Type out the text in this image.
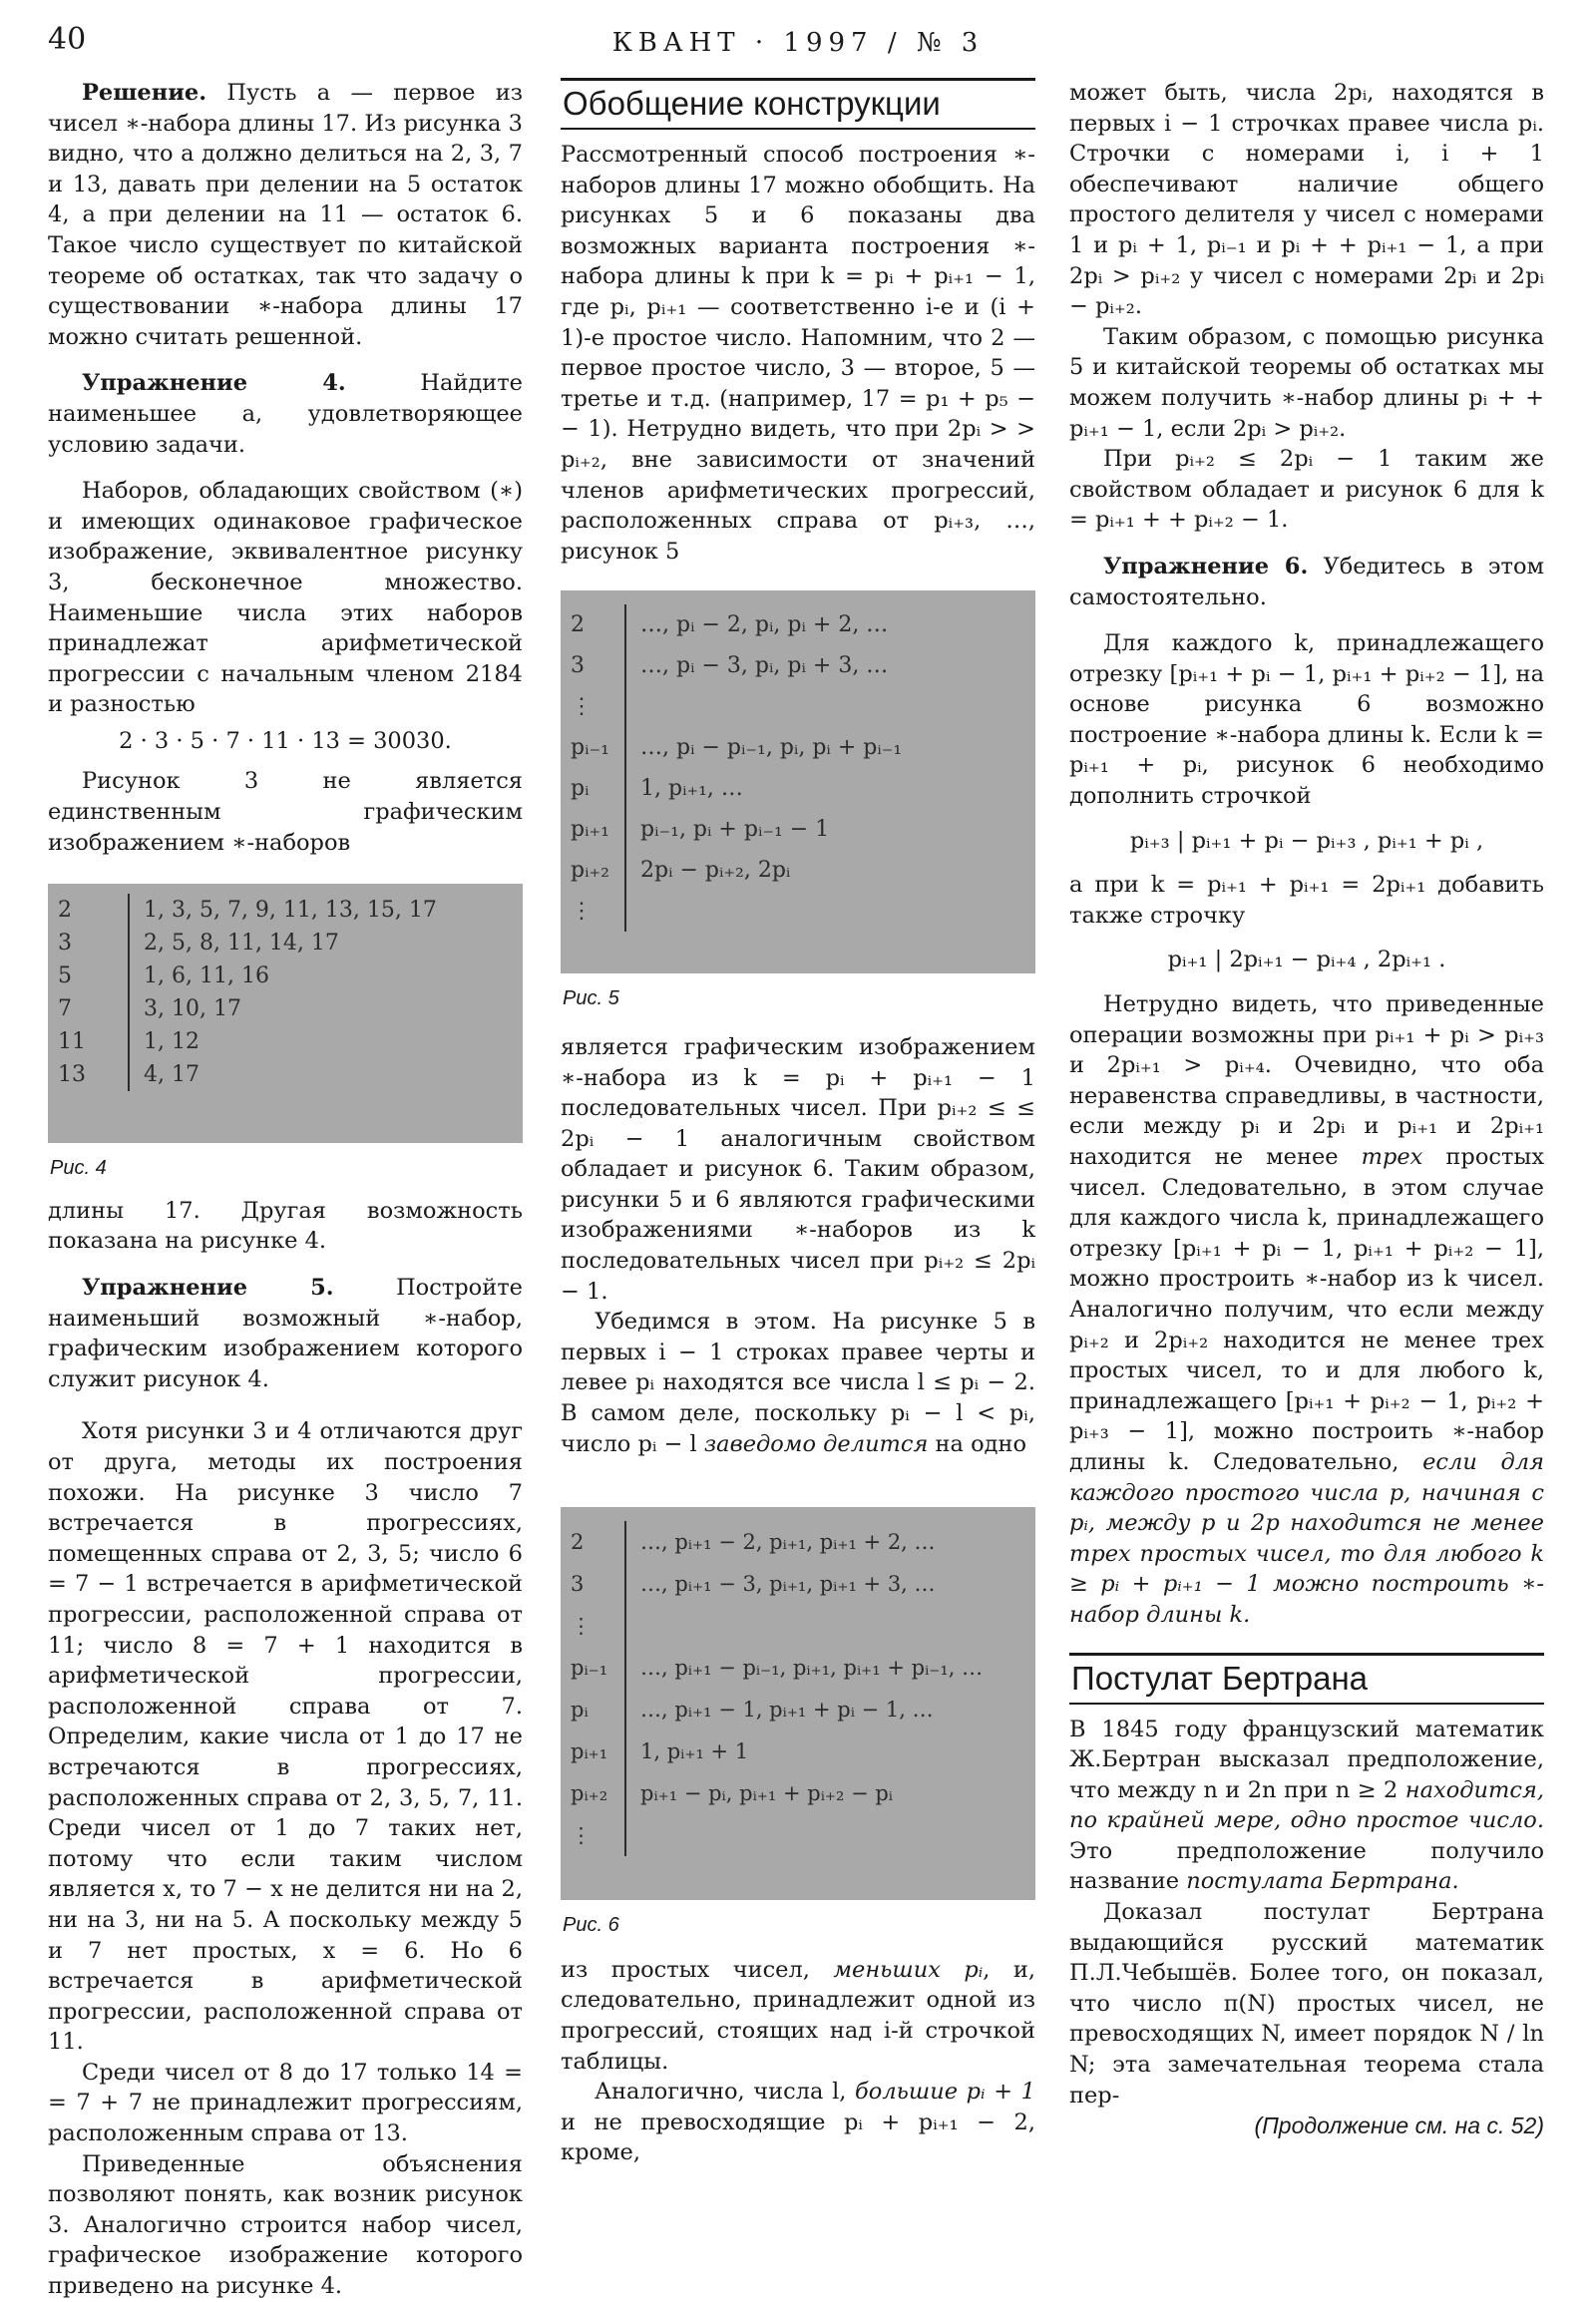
40	КВАНТ · 1997 / № 3

Решение. Пусть a — первое из чисел ∗-набора длины 17. Из рисунка 3 видно, что a должно делиться на 2, 3, 7 и 13, давать при делении на 5 остаток 4, а при делении на 11 — остаток 6. Такое число существует по китайской теореме об остатках, так что задачу о существовании ∗-набора длины 17 можно считать решенной.

Упражнение 4.	Найдите наименьшее a, удовлетворяющее условию задачи.

Наборов, обладающих свойством (∗) и имеющих одинаковое графическое изображение, эквивалентное рисунку 3, бесконечное множество. Наименьшие числа этих наборов принадлежат арифметической прогрессии с начальным членом 2184 и разностью

2 · 3 · 5 · 7 · 11 · 13 = 30030.

Рисунок 3 не является единственным графическим изображением ∗-наборов

2	1, 3, 5, 7, 9, 11, 13, 15, 17
3	2, 5, 8, 11, 14, 17
5	1, 6, 11, 16
7	3, 10, 17
11	1, 12
13	4, 17
Рис. 4

длины 17. Другая возможность показана на рисунке 4.

Упражнение 5.	Постройте наименьший возможный ∗-набор, графическим изображением которого служит рисунок 4.

Хотя рисунки 3 и 4 отличаются друг от друга, методы их построения похожи. На рисунке 3 число 7 встречается в прогрессиях, помещенных справа от 2, 3, 5; число 6 = 7 − 1 встречается в арифметической прогрессии, расположенной справа от 11; число 8 = 7 + 1 находится в арифметической прогрессии, расположенной справа от 7. Определим, какие числа от 1 до 17 не встречаются в прогрессиях, расположенных справа от 2, 3, 5, 7, 11. Среди чисел от 1 до 7 таких нет, потому что если таким числом является x, то 7 − x не делится ни на 2, ни на 3, ни на 5. А поскольку между 5 и 7 нет простых, x = 6. Но 6 встречается в арифметической прогрессии, расположенной справа от 11.

Среди чисел от 8 до 17 только 14 = = 7 + 7 не принадлежит прогрессиям, расположенным справа от 13.

Приведенные объяснения позволяют понять, как возник рисунок 3. Аналогично строится набор чисел, графическое изображение которого приведено на рисунке 4.

Обобщение конструкции

Рассмотренный способ построения ∗-наборов длины 17 можно обобщить. На рисунках 5 и 6 показаны два возможных варианта построения ∗-набора длины k при k = pᵢ + pᵢ₊₁ − 1, где pᵢ, pᵢ₊₁ — соответственно i-е и (i + 1)-е простое число. Напомним, что 2 — первое простое число, 3 — второе, 5 — третье и т.д. (например, 17 = p₁ + p₅ − − 1). Нетрудно видеть, что при 2pᵢ > > pᵢ₊₂, вне зависимости от значений членов арифметических прогрессий, расположенных справа от pᵢ₊₃, …, рисунок 5

2	…, pᵢ − 2, pᵢ, pᵢ + 2, …
3	…, pᵢ − 3, pᵢ, pᵢ + 3, …
⋮	
pᵢ₋₁	…, pᵢ − pᵢ₋₁, pᵢ, pᵢ + pᵢ₋₁
pᵢ	1, pᵢ₊₁, …
pᵢ₊₁	pᵢ₋₁, pᵢ + pᵢ₋₁ − 1
pᵢ₊₂	2pᵢ − pᵢ₊₂, 2pᵢ
⋮	
Рис. 5

является графическим изображением ∗-набора из k = pᵢ + pᵢ₊₁ − 1 последовательных чисел. При pᵢ₊₂ ≤ ≤ 2pᵢ − 1 аналогичным свойством обладает и рисунок 6. Таким образом, рисунки 5 и 6 являются графическими изображениями ∗-наборов из k последовательных чисел при pᵢ₊₂ ≤ 2pᵢ − 1.

Убедимся в этом. На рисунке 5 в первых i − 1 строках правее черты и левее pᵢ находятся все числа l ≤ pᵢ − 2. В самом деле, поскольку pᵢ − l < pᵢ, число pᵢ − l заведомо делится на одно

2	…, pᵢ₊₁ − 2, pᵢ₊₁, pᵢ₊₁ + 2, …
3	…, pᵢ₊₁ − 3, pᵢ₊₁, pᵢ₊₁ + 3, …
⋮	
pᵢ₋₁	…, pᵢ₊₁ − pᵢ₋₁, pᵢ₊₁, pᵢ₊₁ + pᵢ₋₁, …
pᵢ	…, pᵢ₊₁ − 1, pᵢ₊₁ + pᵢ − 1, …
pᵢ₊₁	1, pᵢ₊₁ + 1
pᵢ₊₂	pᵢ₊₁ − pᵢ, pᵢ₊₁ + pᵢ₊₂ − pᵢ
⋮	
Рис. 6

из простых чисел, меньших pᵢ, и, следовательно, принадлежит одной из прогрессий, стоящих над i-й строчкой таблицы.

Аналогично, числа l, большие pᵢ + 1 и не превосходящие pᵢ + pᵢ₊₁ − 2, кроме,

может быть, числа 2pᵢ, находятся в первых i − 1 строчках правее числа pᵢ. Строчки с номерами i, i + 1 обеспечивают наличие общего простого делителя у чисел с номерами 1 и pᵢ + 1, pᵢ₋₁ и pᵢ + + pᵢ₊₁ − 1, а при 2pᵢ > pᵢ₊₂ у чисел с номерами 2pᵢ и 2pᵢ − pᵢ₊₂.

Таким образом, с помощью рисунка 5 и китайской теоремы об остатках мы можем получить ∗-набор длины pᵢ + + pᵢ₊₁ − 1, если 2pᵢ > pᵢ₊₂.

При pᵢ₊₂ ≤ 2pᵢ − 1 таким же свойством обладает и рисунок 6 для k = pᵢ₊₁ + + pᵢ₊₂ − 1.

Упражнение 6. Убедитесь в этом самостоятельно.

Для каждого k, принадлежащего отрезку [pᵢ₊₁ + pᵢ − 1, pᵢ₊₁ + pᵢ₊₂ − 1], на основе рисунка 6 возможно построение ∗-набора длины k. Если k = pᵢ₊₁ + pᵢ, рисунок 6 необходимо дополнить строчкой

pᵢ₊₃ | pᵢ₊₁ + pᵢ − pᵢ₊₃ , pᵢ₊₁ + pᵢ ,

а при k = pᵢ₊₁ + pᵢ₊₁ = 2pᵢ₊₁ добавить также строчку

pᵢ₊₁ | 2pᵢ₊₁ − pᵢ₊₄ , 2pᵢ₊₁ .

Нетрудно видеть, что приведенные операции возможны при pᵢ₊₁ + pᵢ > pᵢ₊₃ и 2pᵢ₊₁ > pᵢ₊₄. Очевидно, что оба неравенства справедливы, в частности, если между pᵢ и 2pᵢ и pᵢ₊₁ и 2pᵢ₊₁ находится не менее трех простых чисел. Следовательно, в этом случае для каждого числа k, принадлежащего отрезку [pᵢ₊₁ + pᵢ − 1, pᵢ₊₁ + pᵢ₊₂ − 1], можно простроить ∗-набор из k чисел. Аналогично получим, что если между pᵢ₊₂ и 2pᵢ₊₂ находится не менее трех простых чисел, то и для любого k, принадлежащего [pᵢ₊₁ + pᵢ₊₂ − 1, pᵢ₊₂ + pᵢ₊₃ − 1], можно построить ∗-набор длины k. Следовательно, если для каждого простого числа p, начиная с pᵢ, между p и 2p находится не менее трех простых чисел, то для любого k ≥ pᵢ + pᵢ₊₁ − 1 можно построить ∗-набор длины k.

Постулат Бертрана

В 1845 году французский математик Ж.Бертран высказал предположение, что между n и 2n при n ≥ 2 находится, по крайней мере, одно простое число. Это предположение получило название постулата Бертрана.

Доказал постулат Бертрана выдающийся русский математик П.Л.Чебышёв. Более того, он показал, что число π(N) простых чисел, не превосходящих N, имеет порядок N / ln N; эта замечательная теорема стала пер-

(Продолжение см. на с. 52)
